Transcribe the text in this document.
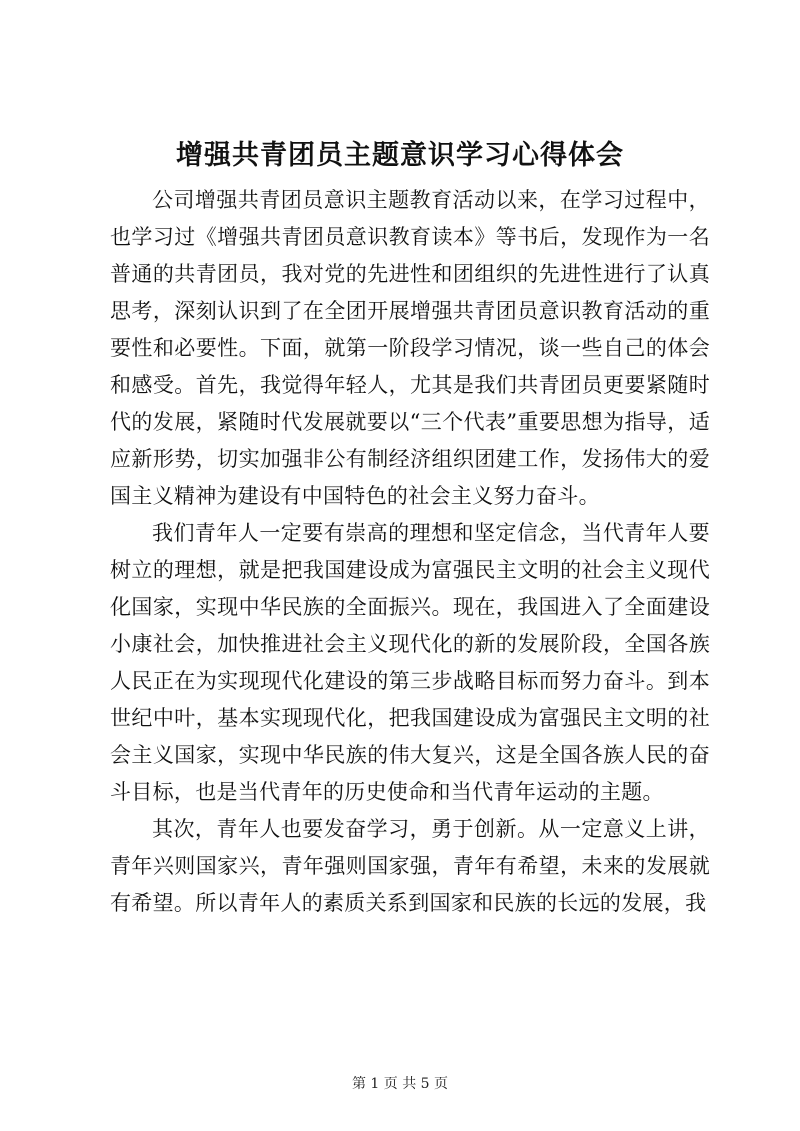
增强共青团员主题意识学习心得体会

公司增强共青团员意识主题教育活动以来，在学习过程中，也学习过《增强共青团员意识教育读本》等书后，发现作为一名普通的共青团员，我对党的先进性和团组织的先进性进行了认真思考，深刻认识到了在全团开展增强共青团员意识教育活动的重要性和必要性。下面，就第一阶段学习情况，谈一些自己的体会和感受。首先，我觉得年轻人，尤其是我们共青团员更要紧随时代的发展，紧随时代发展就要以“三个代表”重要思想为指导，适应新形势，切实加强非公有制经济组织团建工作，发扬伟大的爱国主义精神为建设有中国特色的社会主义努力奋斗。

我们青年人一定要有崇高的理想和坚定信念，当代青年人要树立的理想，就是把我国建设成为富强民主文明的社会主义现代化国家，实现中华民族的全面振兴。现在，我国进入了全面建设小康社会，加快推进社会主义现代化的新的发展阶段，全国各族人民正在为实现现代化建设的第三步战略目标而努力奋斗。到本世纪中叶，基本实现现代化，把我国建设成为富强民主文明的社会主义国家，实现中华民族的伟大复兴，这是全国各族人民的奋斗目标，也是当代青年的历史使命和当代青年运动的主题。

其次，青年人也要发奋学习，勇于创新。从一定意义上讲，青年兴则国家兴，青年强则国家强，青年有希望，未来的发展就有希望。所以青年人的素质关系到国家和民族的长远的发展，我

第 1 页 共 5 页
